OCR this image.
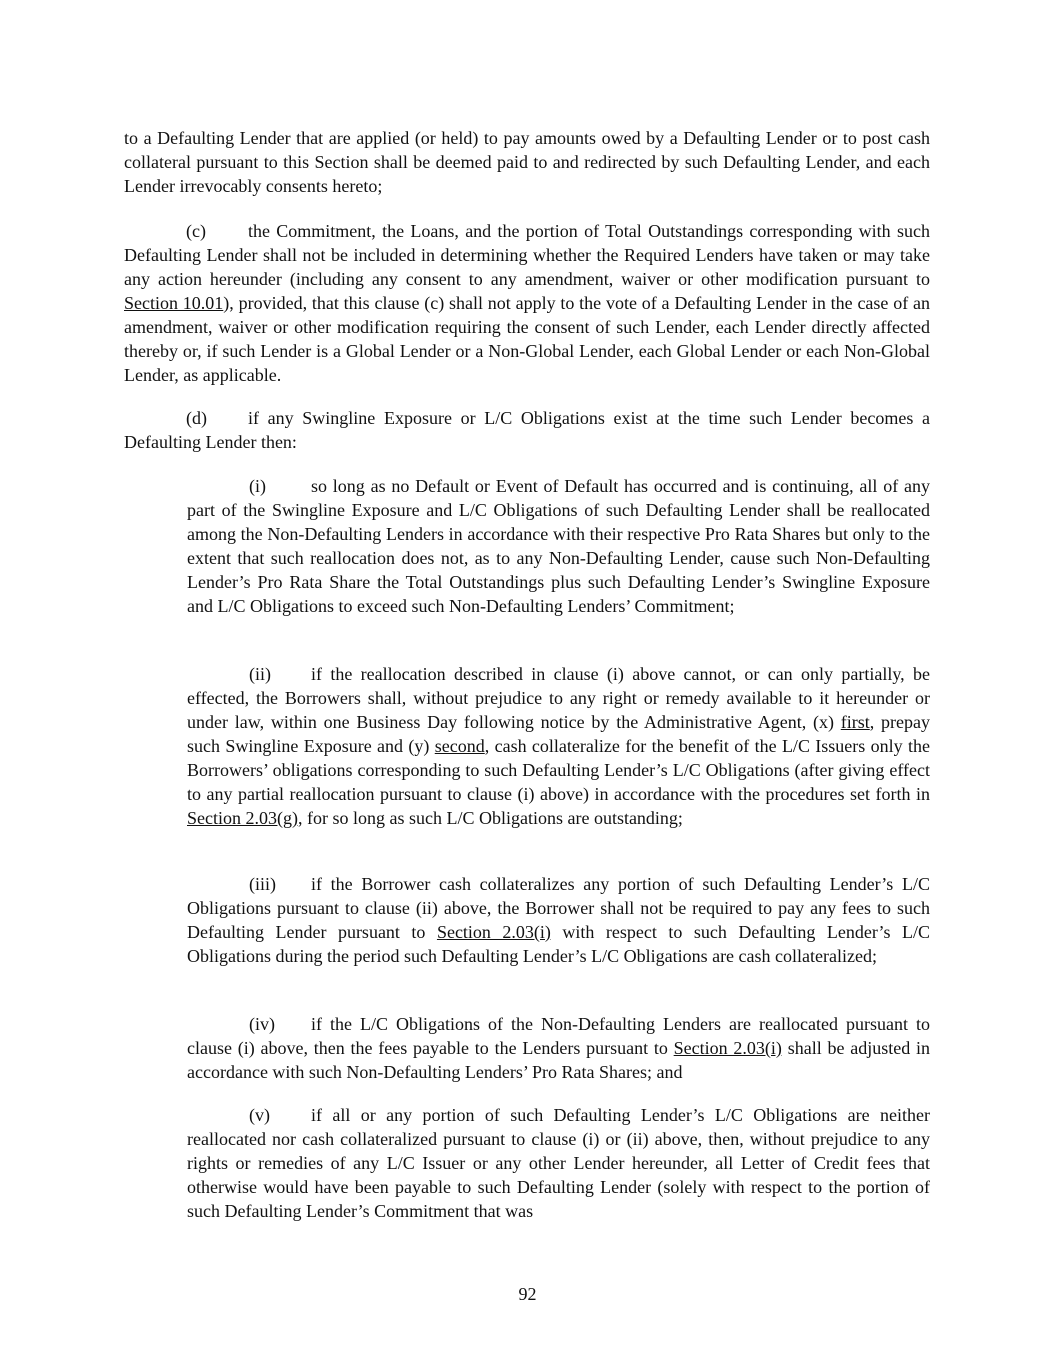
to a Defaulting Lender that are applied (or held) to pay amounts owed by a Defaulting Lender or to post cash collateral pursuant to this Section shall be deemed paid to and redirected by such Defaulting Lender, and each Lender irrevocably consents hereto;

(c) the Commitment, the Loans, and the portion of Total Outstandings corresponding with such Defaulting Lender shall not be included in determining whether the Required Lenders have taken or may take any action hereunder (including any consent to any amendment, waiver or other modification pursuant to Section 10.01), provided, that this clause (c) shall not apply to the vote of a Defaulting Lender in the case of an amendment, waiver or other modification requiring the consent of such Lender, each Lender directly affected thereby or, if such Lender is a Global Lender or a Non-Global Lender, each Global Lender or each Non-Global Lender, as applicable.

(d) if any Swingline Exposure or L/C Obligations exist at the time such Lender becomes a Defaulting Lender then:

(i)	so long as no Default or Event of Default has occurred and is continuing, all of any part of the Swingline Exposure and L/C Obligations of such Defaulting Lender shall be reallocated among the Non-Defaulting Lenders in accordance with their respective Pro Rata Shares but only to the extent that such reallocation does not, as to any Non-Defaulting Lender, cause such Non-Defaulting Lender’s Pro Rata Share the Total Outstandings plus such Defaulting Lender’s Swingline Exposure and L/C Obligations to exceed such Non-Defaulting Lenders’ Commitment;

(ii) if the reallocation described in clause (i) above cannot, or can only partially, be effected, the Borrowers shall, without prejudice to any right or remedy available to it hereunder or under law, within one Business Day following notice by the Administrative Agent, (x) first, prepay such Swingline Exposure and (y) second, cash collateralize for the benefit of the L/C Issuers only the Borrowers’ obligations corresponding to such Defaulting Lender’s L/C Obligations (after giving effect to any partial reallocation pursuant to clause (i) above) in accordance with the procedures set forth in Section 2.03(g), for so long as such L/C Obligations are outstanding;

(iii) if the Borrower cash collateralizes any portion of such Defaulting Lender’s L/C Obligations pursuant to clause (ii) above, the Borrower shall not be required to pay any fees to such Defaulting Lender pursuant to Section 2.03(i) with respect to such Defaulting Lender’s L/C Obligations during the period such Defaulting Lender’s L/C Obligations are cash collateralized;

(iv) if the L/C Obligations of the Non-Defaulting Lenders are reallocated pursuant to clause (i) above, then the fees payable to the Lenders pursuant to Section 2.03(i) shall be adjusted in accordance with such Non-Defaulting Lenders’ Pro Rata Shares; and

(v) if all or any portion of such Defaulting Lender’s L/C Obligations are neither reallocated nor cash collateralized pursuant to clause (i) or (ii) above, then, without prejudice to any rights or remedies of any L/C Issuer or any other Lender hereunder, all Letter of Credit fees that otherwise would have been payable to such Defaulting Lender (solely with respect to the portion of such Defaulting Lender’s Commitment that was

92
